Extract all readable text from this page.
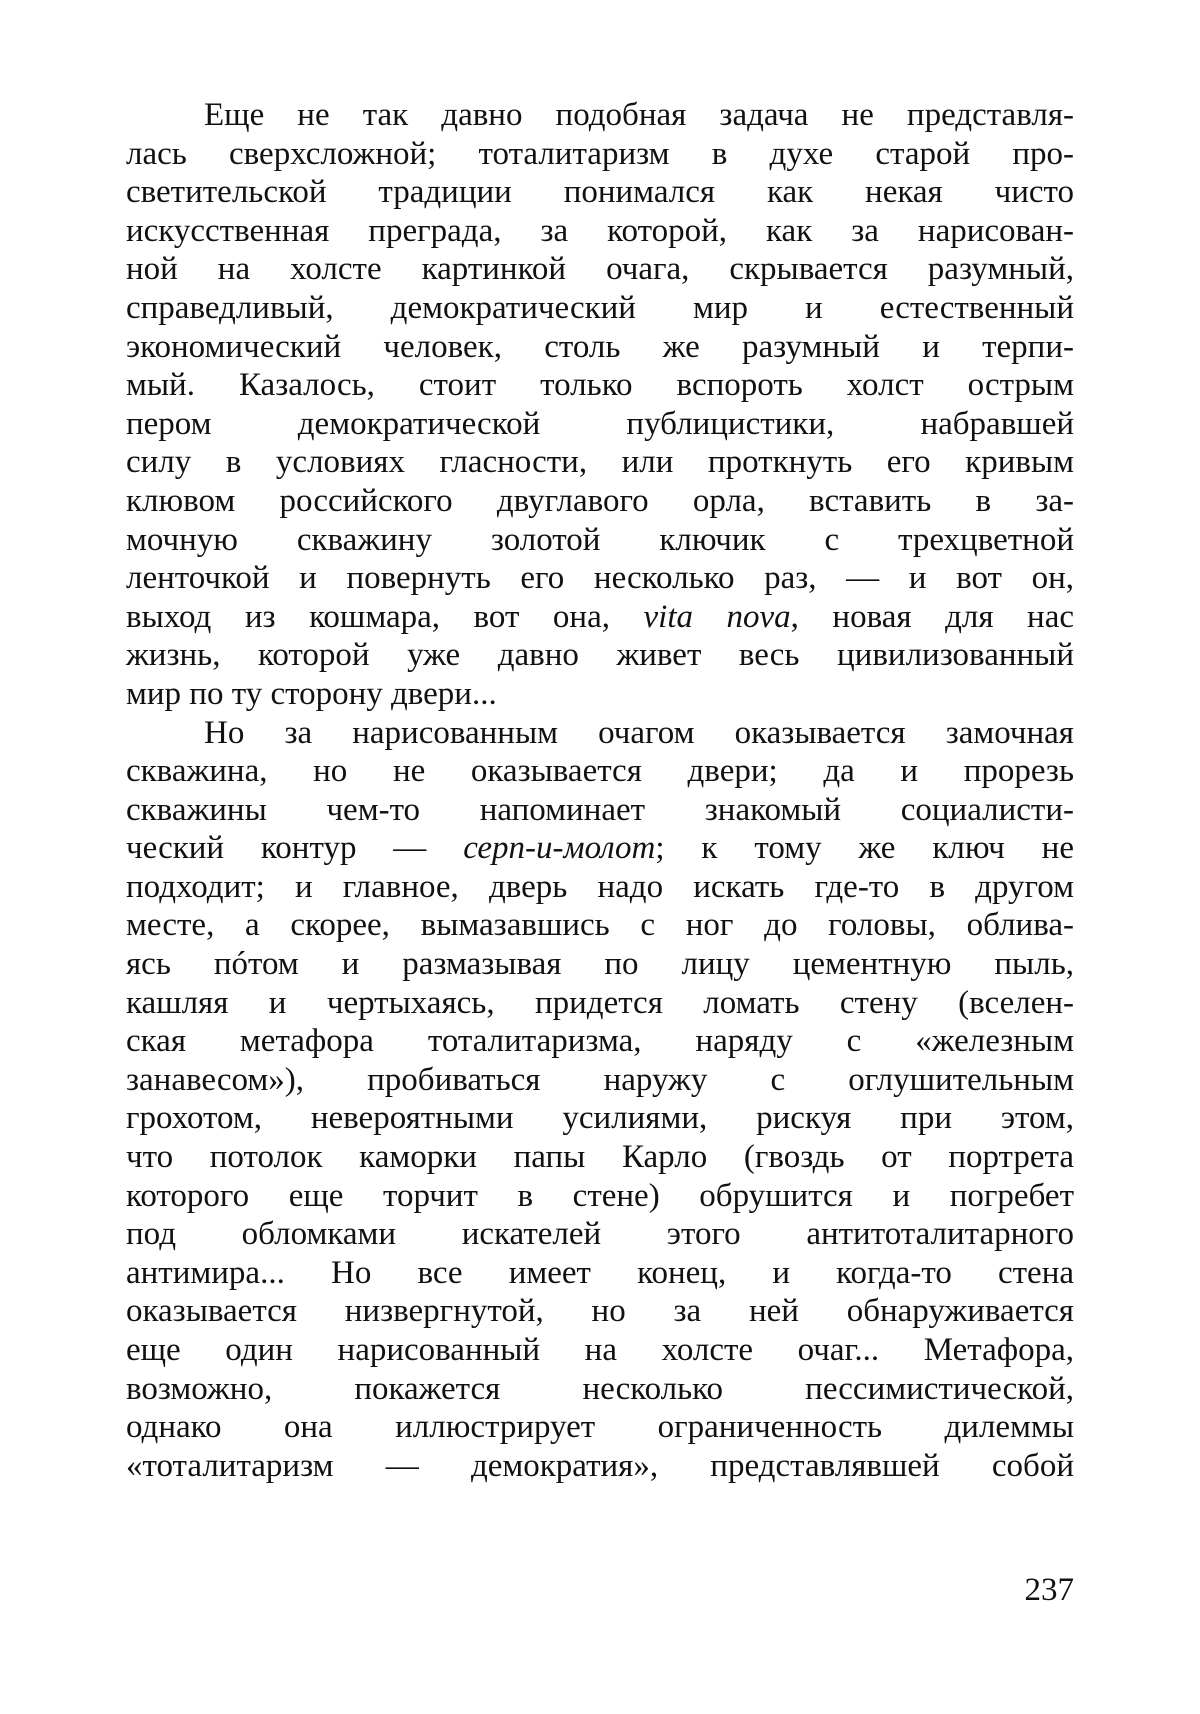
Еще не так давно подобная задача не представля-
лась сверхсложной; тоталитаризм в духе старой про-
светительской традиции понимался как некая чисто
искусственная преграда, за которой, как за нарисован-
ной на холсте картинкой очага, скрывается разумный,
справедливый, демократический мир и естественный
экономический человек, столь же разумный и терпи-
мый. Казалось, стоит только вспороть холст острым
пером демократической публицистики, набравшей
силу в условиях гласности, или проткнуть его кривым
клювом российского двуглавого орла, вставить в за-
мочную скважину золотой ключик с трехцветной
ленточкой и повернуть его несколько раз, — и вот он,
выход из кошмара, вот она, vita nova, новая для нас
жизнь, которой уже давно живет весь цивилизованный
мир по ту сторону двери...
Но за нарисованным очагом оказывается замочная
скважина, но не оказывается двери; да и прорезь
скважины чем-то напоминает знакомый социалисти-
ческий контур — серп-и-молот; к тому же ключ не
подходит; и главное, дверь надо искать где-то в другом
месте, а скорее, вымазавшись с ног до головы, облива-
ясь пóтом и размазывая по лицу цементную пыль,
кашляя и чертыхаясь, придется ломать стену (вселен-
ская метафора тоталитаризма, наряду с «железным
занавесом»), пробиваться наружу с оглушительным
грохотом, невероятными усилиями, рискуя при этом,
что потолок каморки папы Карло (гвоздь от портрета
которого еще торчит в стене) обрушится и погребет
под обломками искателей этого антитоталитарного
антимира... Но все имеет конец, и когда-то стена
оказывается низвергнутой, но за ней обнаруживается
еще один нарисованный на холсте очаг... Метафора,
возможно, покажется несколько пессимистической,
однако она иллюстрирует ограниченность дилеммы
«тоталитаризм — демократия», представлявшей собой
237
